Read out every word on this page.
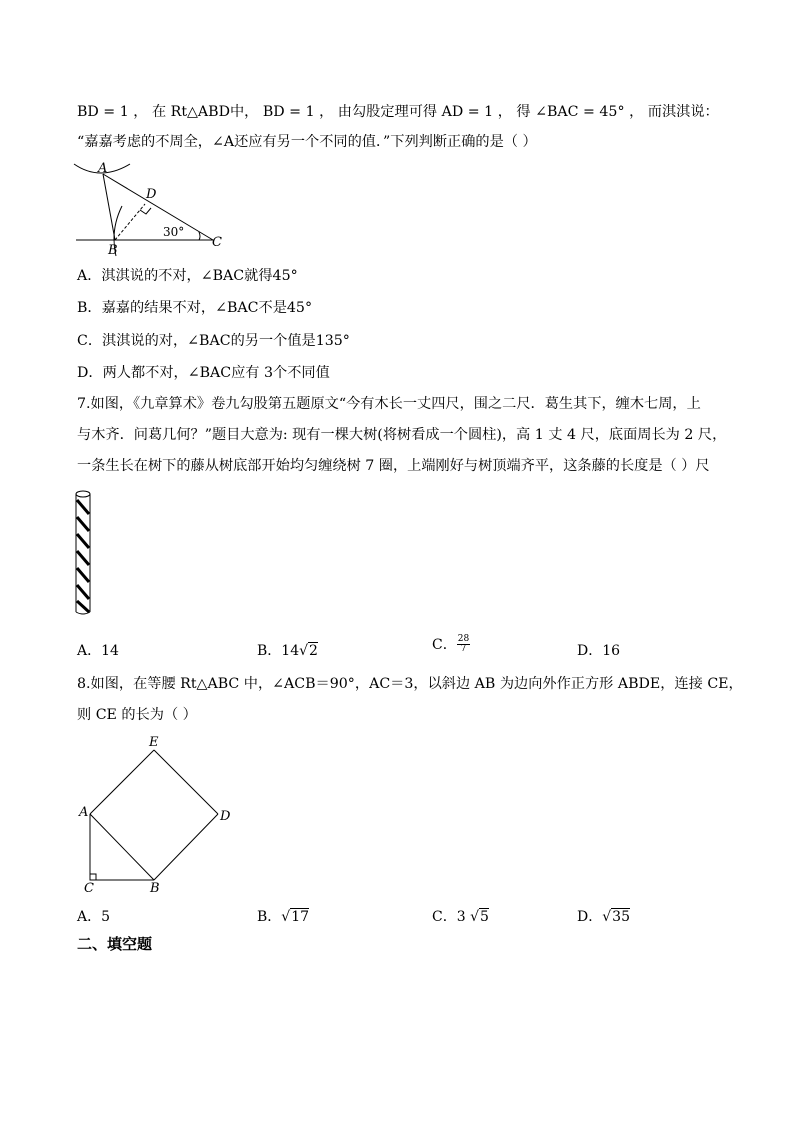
BD = 1 ， 在 Rt△ABD中， BD = 1 ， 由勾股定理可得 AD = 1 ， 得 ∠BAC = 45° ， 而淇淇说：
“嘉嘉考虑的不周全，∠A还应有另一个不同的值．”下列判断正确的是（ ）
A
D
B
C
30°
A．淇淇说的不对，∠BAC就得45°
B．嘉嘉的结果不对，∠BAC不是45°
C．淇淇说的对，∠BAC的另一个值是135°
D．两人都不对，∠BAC应有 3个不同值
7.如图，《九章算术》卷九勾股第五题原文“今有木长一丈四尺，围之二尺．葛生其下，缠木七周，上
与木齐．问葛几何？”题目大意为: 现有一棵大树(将树看成一个圆柱)，高 1 丈 4 尺，底面周长为 2 尺，
一条生长在树下的藤从树底部开始均匀缠绕树 7 圈，上端刚好与树顶端齐平，这条藤的长度是（ ）尺
A．14	B．14√2	C． $\frac{28}{7}$	D．16
8.如图，在等腰 Rt△ABC 中，∠ACB＝90°，AC＝3，以斜边 AB 为边向外作正方形 ABDE，连接 CE，
则 CE 的长为（ ）
E
A	D
C	B
A．5	B．√17	C．3 √5	D．√35
二、填空题
